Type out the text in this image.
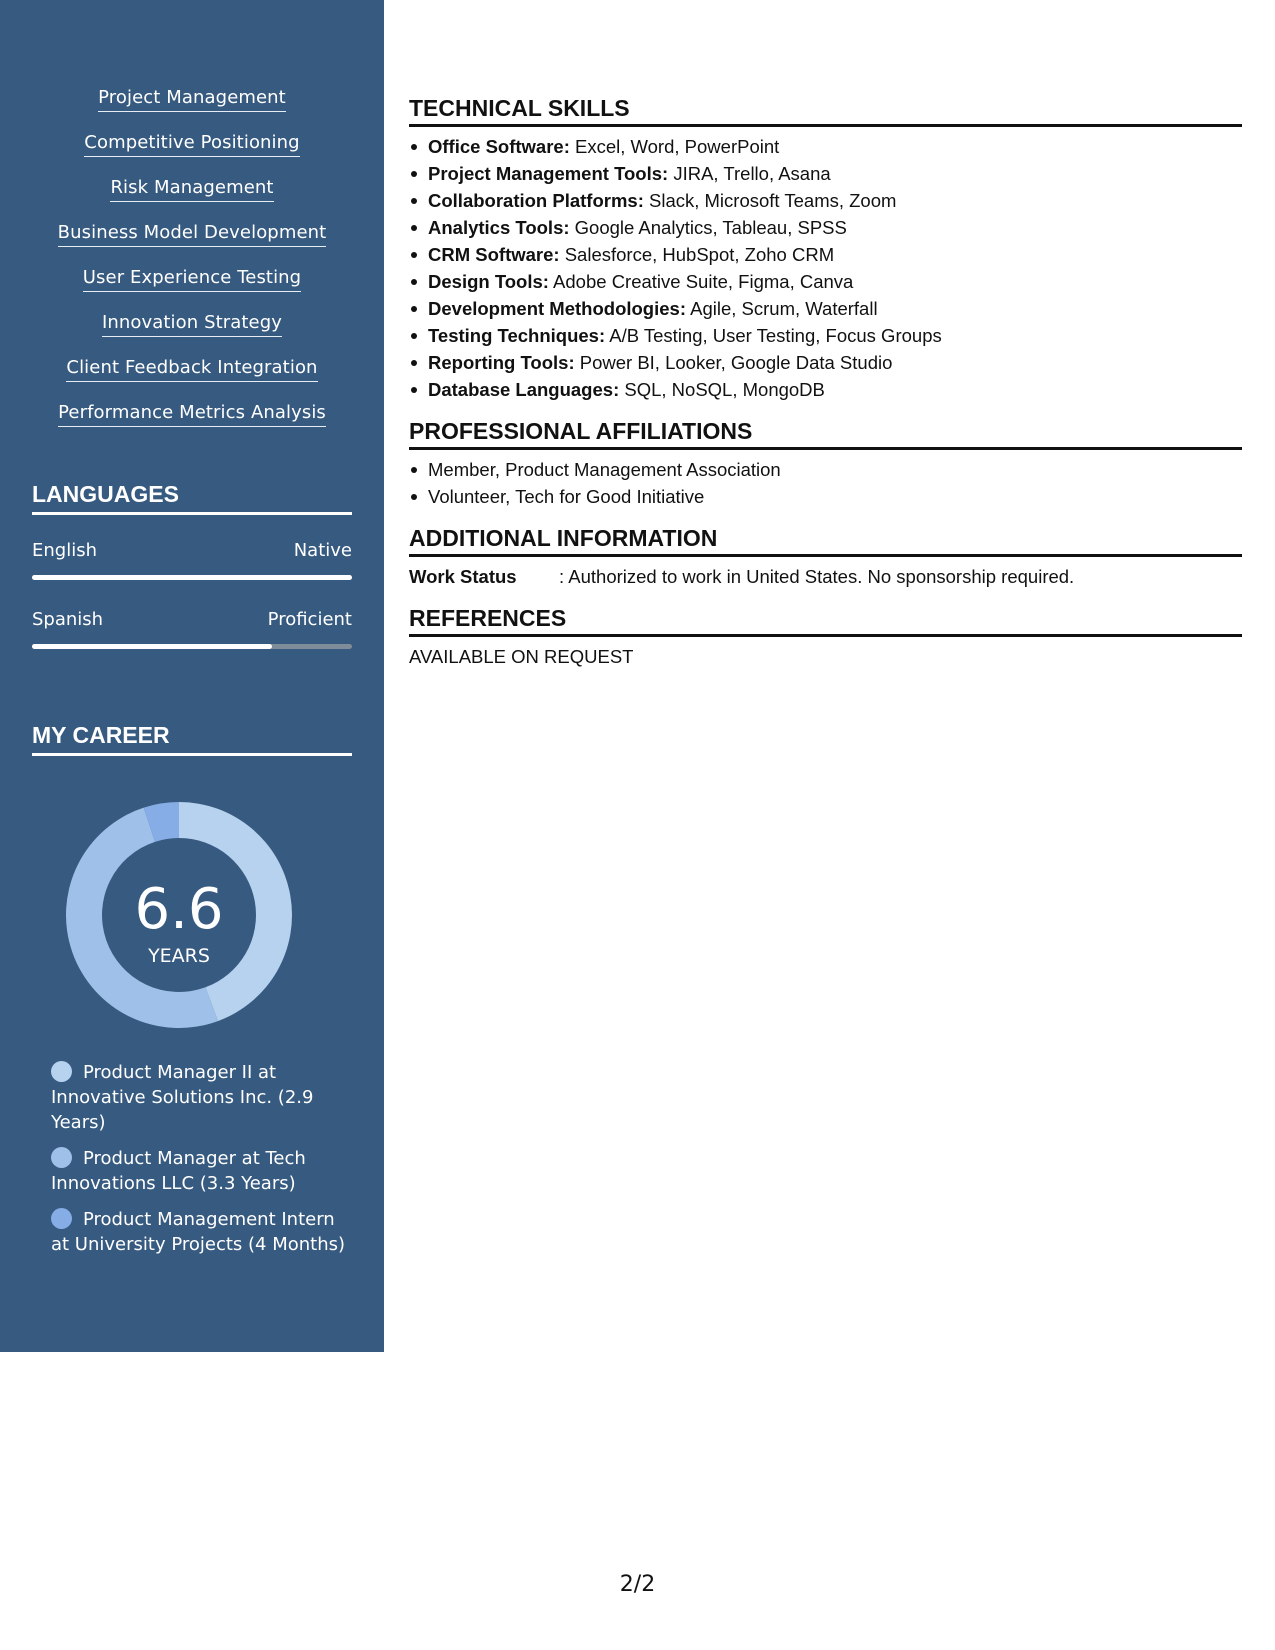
Project Management
Competitive Positioning
Risk Management
Business Model Development
User Experience Testing
Innovation Strategy
Client Feedback Integration
Performance Metrics Analysis
LANGUAGES
English	Native
Spanish	Proficient
MY CAREER
6.6
YEARS
Product Manager II at Innovative Solutions Inc. (2.9 Years)
Product Manager at Tech Innovations LLC (3.3 Years)
Product Management Intern at University Projects (4 Months)
TECHNICAL SKILLS
Office Software: Excel, Word, PowerPoint
Project Management Tools: JIRA, Trello, Asana
Collaboration Platforms: Slack, Microsoft Teams, Zoom
Analytics Tools: Google Analytics, Tableau, SPSS
CRM Software: Salesforce, HubSpot, Zoho CRM
Design Tools: Adobe Creative Suite, Figma, Canva
Development Methodologies: Agile, Scrum, Waterfall
Testing Techniques: A/B Testing, User Testing, Focus Groups
Reporting Tools: Power BI, Looker, Google Data Studio
Database Languages: SQL, NoSQL, MongoDB
PROFESSIONAL AFFILIATIONS
Member, Product Management Association
Volunteer, Tech for Good Initiative
ADDITIONAL INFORMATION
Work Status	: Authorized to work in United States. No sponsorship required.
REFERENCES
AVAILABLE ON REQUEST
2/2
